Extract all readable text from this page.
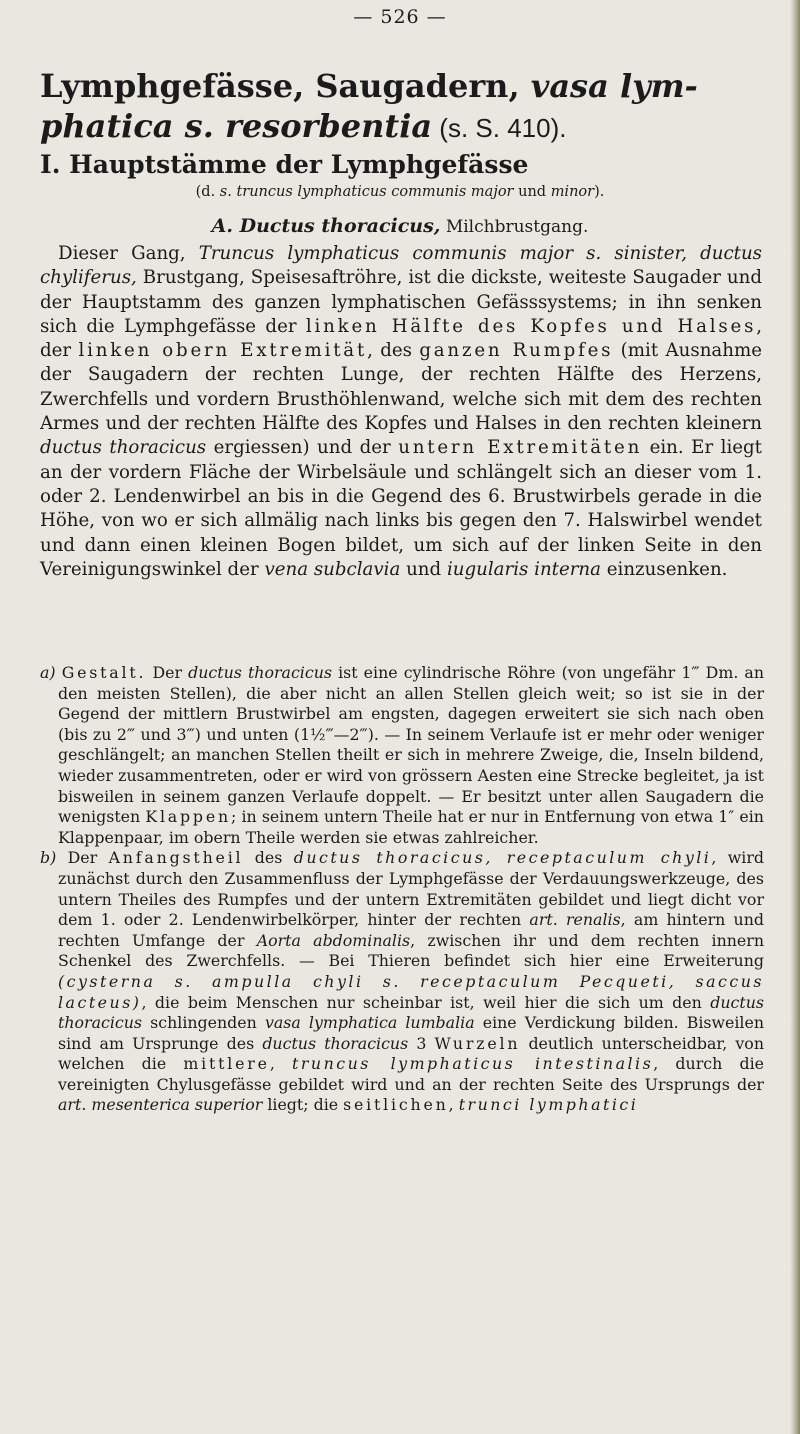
— 526 —
Lymphgefässe, Saugadern, vasa lym-phatica s. resorbentia (s. S. 410).
I. Hauptstämme der Lymphgefässe
(d. s. truncus lymphaticus communis major und minor).
A. Ductus thoracicus, Milchbrustgang.

Dieser Gang, Truncus lymphaticus communis major s. sinister, ductus chyliferus, Brustgang, Speisesaftröhre, ist die dickste, weiteste Saugader und der Hauptstamm des ganzen lymphatischen Gefässsystems; in ihn senken sich die Lymphgefässe der linken Hälfte des Kopfes und Halses, der linken obern Extremität, des ganzen Rumpfes (mit Ausnahme der Saugadern der rechten Lunge, der rechten Hälfte des Herzens, Zwerchfells und vordern Brusthöhlenwand, welche sich mit dem des rechten Armes und der rechten Hälfte des Kopfes und Halses in den rechten kleinern ductus thoracicus ergiessen) und der untern Extremitäten ein. Er liegt an der vordern Fläche der Wirbelsäule und schlängelt sich an dieser vom 1. oder 2. Lendenwirbel an bis in die Gegend des 6. Brustwirbels gerade in die Höhe, von wo er sich allmälig nach links bis gegen den 7. Halswirbel wendet und dann einen kleinen Bogen bildet, um sich auf der linken Seite in den Vereinigungswinkel der vena subclavia und iugularis interna einzusenken.

a) Gestalt. Der ductus thoracicus ist eine cylindrische Röhre (von ungefähr 1‴ Dm. an den meisten Stellen), die aber nicht an allen Stellen gleich weit; so ist sie in der Gegend der mittlern Brustwirbel am engsten, dagegen erweitert sie sich nach oben (bis zu 2‴ und 3‴) und unten (1½‴—2‴). — In seinem Verlaufe ist er mehr oder weniger geschlängelt; an manchen Stellen theilt er sich in mehrere Zweige, die, Inseln bildend, wieder zusammentreten, oder er wird von grössern Aesten eine Strecke begleitet, ja ist bisweilen in seinem ganzen Verlaufe doppelt. — Er besitzt unter allen Saugadern die wenigsten Klappen; in seinem untern Theile hat er nur in Entfernung von etwa 1″ ein Klappenpaar, im obern Theile werden sie etwas zahlreicher.

b) Der Anfangstheil des ductus thoracicus, receptaculum chyli, wird zunächst durch den Zusammenfluss der Lymphgefässe der Verdauungswerkzeuge, des untern Theiles des Rumpfes und der untern Extremitäten gebildet und liegt dicht vor dem 1. oder 2. Lendenwirbelkörper, hinter der rechten art. renalis, am hintern und rechten Umfange der Aorta abdominalis, zwischen ihr und dem rechten innern Schenkel des Zwerchfells. — Bei Thieren befindet sich hier eine Erweiterung (cysterna s. ampulla chyli s. receptaculum Pecqueti, saccus lacteus), die beim Menschen nur scheinbar ist, weil hier die sich um den ductus thoracicus schlingenden vasa lymphatica lumbalia eine Verdickung bilden. Bisweilen sind am Ursprunge des ductus thoracicus 3 Wurzeln deutlich unterscheidbar, von welchen die mittlere, truncus lymphaticus intestinalis, durch die vereinigten Chylusgefässe gebildet wird und an der rechten Seite des Ursprungs der art. mesenterica superior liegt; die seitlichen, trunci lymphatici
